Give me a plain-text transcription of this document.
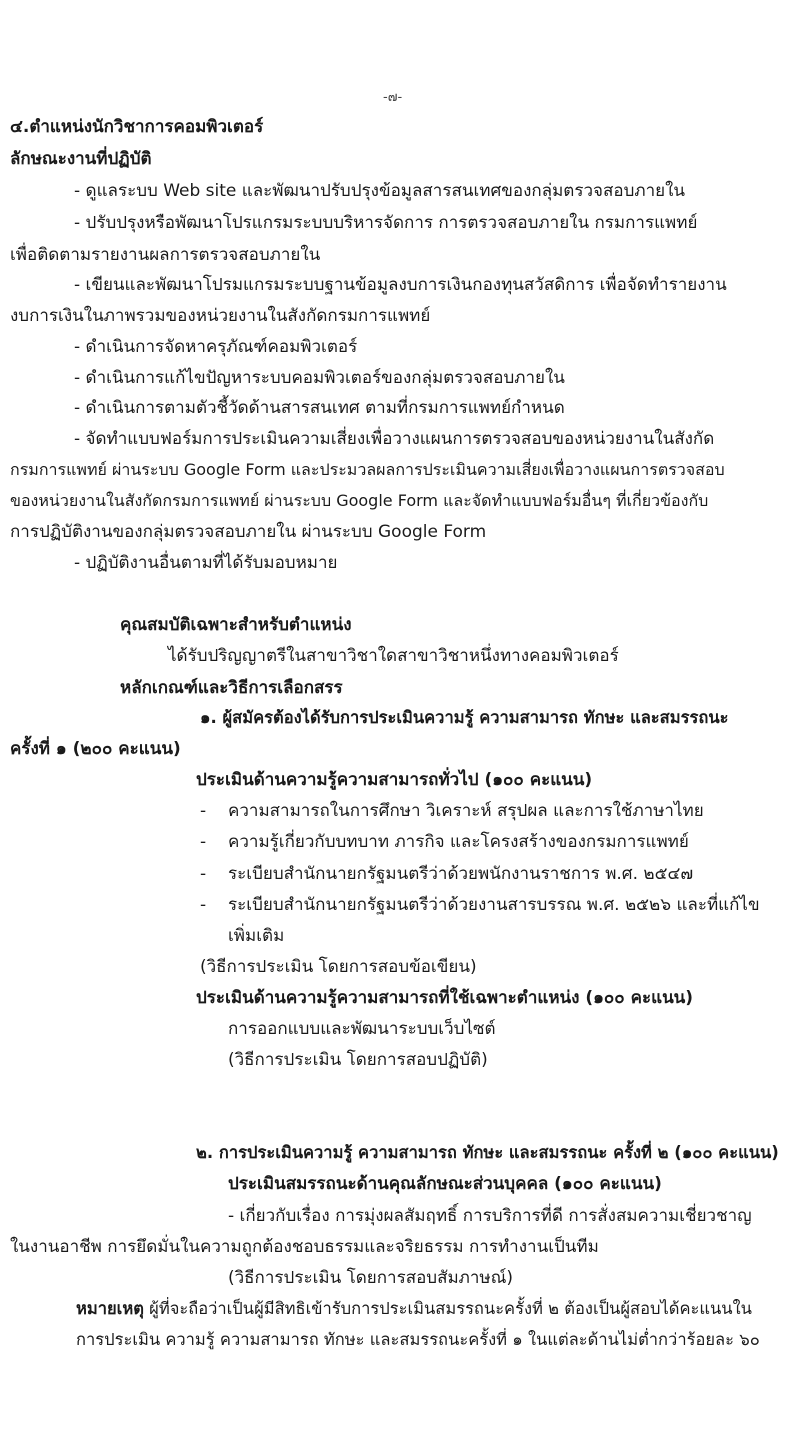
-๗-
๔.ตำแหน่งนักวิชาการคอมพิวเตอร์
ลักษณะงานที่ปฏิบัติ
- ดูแลระบบ Web site และพัฒนาปรับปรุงข้อมูลสารสนเทศของกลุ่มตรวจสอบภายใน
- ปรับปรุงหรือพัฒนาโปรแกรมระบบบริหารจัดการ การตรวจสอบภายใน กรมการแพทย์
เพื่อติดตามรายงานผลการตรวจสอบภายใน
- เขียนและพัฒนาโปรมแกรมระบบฐานข้อมูลงบการเงินกองทุนสวัสดิการ เพื่อจัดทำรายงาน
งบการเงินในภาพรวมของหน่วยงานในสังกัดกรมการแพทย์
- ดำเนินการจัดหาครุภัณฑ์คอมพิวเตอร์
- ดำเนินการแก้ไขปัญหาระบบคอมพิวเตอร์ของกลุ่มตรวจสอบภายใน
- ดำเนินการตามตัวชี้วัดด้านสารสนเทศ ตามที่กรมการแพทย์กำหนด
- จัดทำแบบฟอร์มการประเมินความเสี่ยงเพื่อวางแผนการตรวจสอบของหน่วยงานในสังกัด
กรมการแพทย์ ผ่านระบบ Google Form และประมวลผลการประเมินความเสี่ยงเพื่อวางแผนการตรวจสอบ
ของหน่วยงานในสังกัดกรมการแพทย์ ผ่านระบบ Google Form และจัดทำแบบฟอร์มอื่นๆ ที่เกี่ยวข้องกับ
การปฏิบัติงานของกลุ่มตรวจสอบภายใน ผ่านระบบ Google Form
- ปฏิบัติงานอื่นตามที่ได้รับมอบหมาย
คุณสมบัติเฉพาะสำหรับตำแหน่ง
ได้รับปริญญาตรีในสาขาวิชาใดสาขาวิชาหนึ่งทางคอมพิวเตอร์
หลักเกณฑ์และวิธีการเลือกสรร
๑. ผู้สมัครต้องได้รับการประเมินความรู้ ความสามารถ ทักษะ และสมรรถนะ
ครั้งที่ ๑ (๒๐๐ คะแนน)
ประเมินด้านความรู้ความสามารถทั่วไป (๑๐๐ คะแนน)
- ความสามารถในการศึกษา วิเคราะห์ สรุปผล และการใช้ภาษาไทย
- ความรู้เกี่ยวกับบทบาท ภารกิจ และโครงสร้างของกรมการแพทย์
- ระเบียบสำนักนายกรัฐมนตรีว่าด้วยพนักงานราชการ พ.ศ. ๒๕๔๗
- ระเบียบสำนักนายกรัฐมนตรีว่าด้วยงานสารบรรณ พ.ศ. ๒๕๒๖ และที่แก้ไข
เพิ่มเติม
(วิธีการประเมิน โดยการสอบข้อเขียน)
ประเมินด้านความรู้ความสามารถที่ใช้เฉพาะตำแหน่ง (๑๐๐ คะแนน)
การออกแบบและพัฒนาระบบเว็บไซต์
(วิธีการประเมิน โดยการสอบปฏิบัติ)
๒. การประเมินความรู้ ความสามารถ ทักษะ และสมรรถนะ ครั้งที่ ๒ (๑๐๐ คะแนน)
ประเมินสมรรถนะด้านคุณลักษณะส่วนบุคคล (๑๐๐ คะแนน)
- เกี่ยวกับเรื่อง การมุ่งผลสัมฤทธิ์ การบริการที่ดี การสั่งสมความเชี่ยวชาญ
ในงานอาชีพ การยึดมั่นในความถูกต้องชอบธรรมและจริยธรรม การทำงานเป็นทีม
(วิธีการประเมิน โดยการสอบสัมภาษณ์)
หมายเหตุ ผู้ที่จะถือว่าเป็นผู้มีสิทธิเข้ารับการประเมินสมรรถนะครั้งที่ ๒ ต้องเป็นผู้สอบได้คะแนนใน
การประเมิน ความรู้ ความสามารถ ทักษะ และสมรรถนะครั้งที่ ๑ ในแต่ละด้านไม่ต่ำกว่าร้อยละ ๖๐
